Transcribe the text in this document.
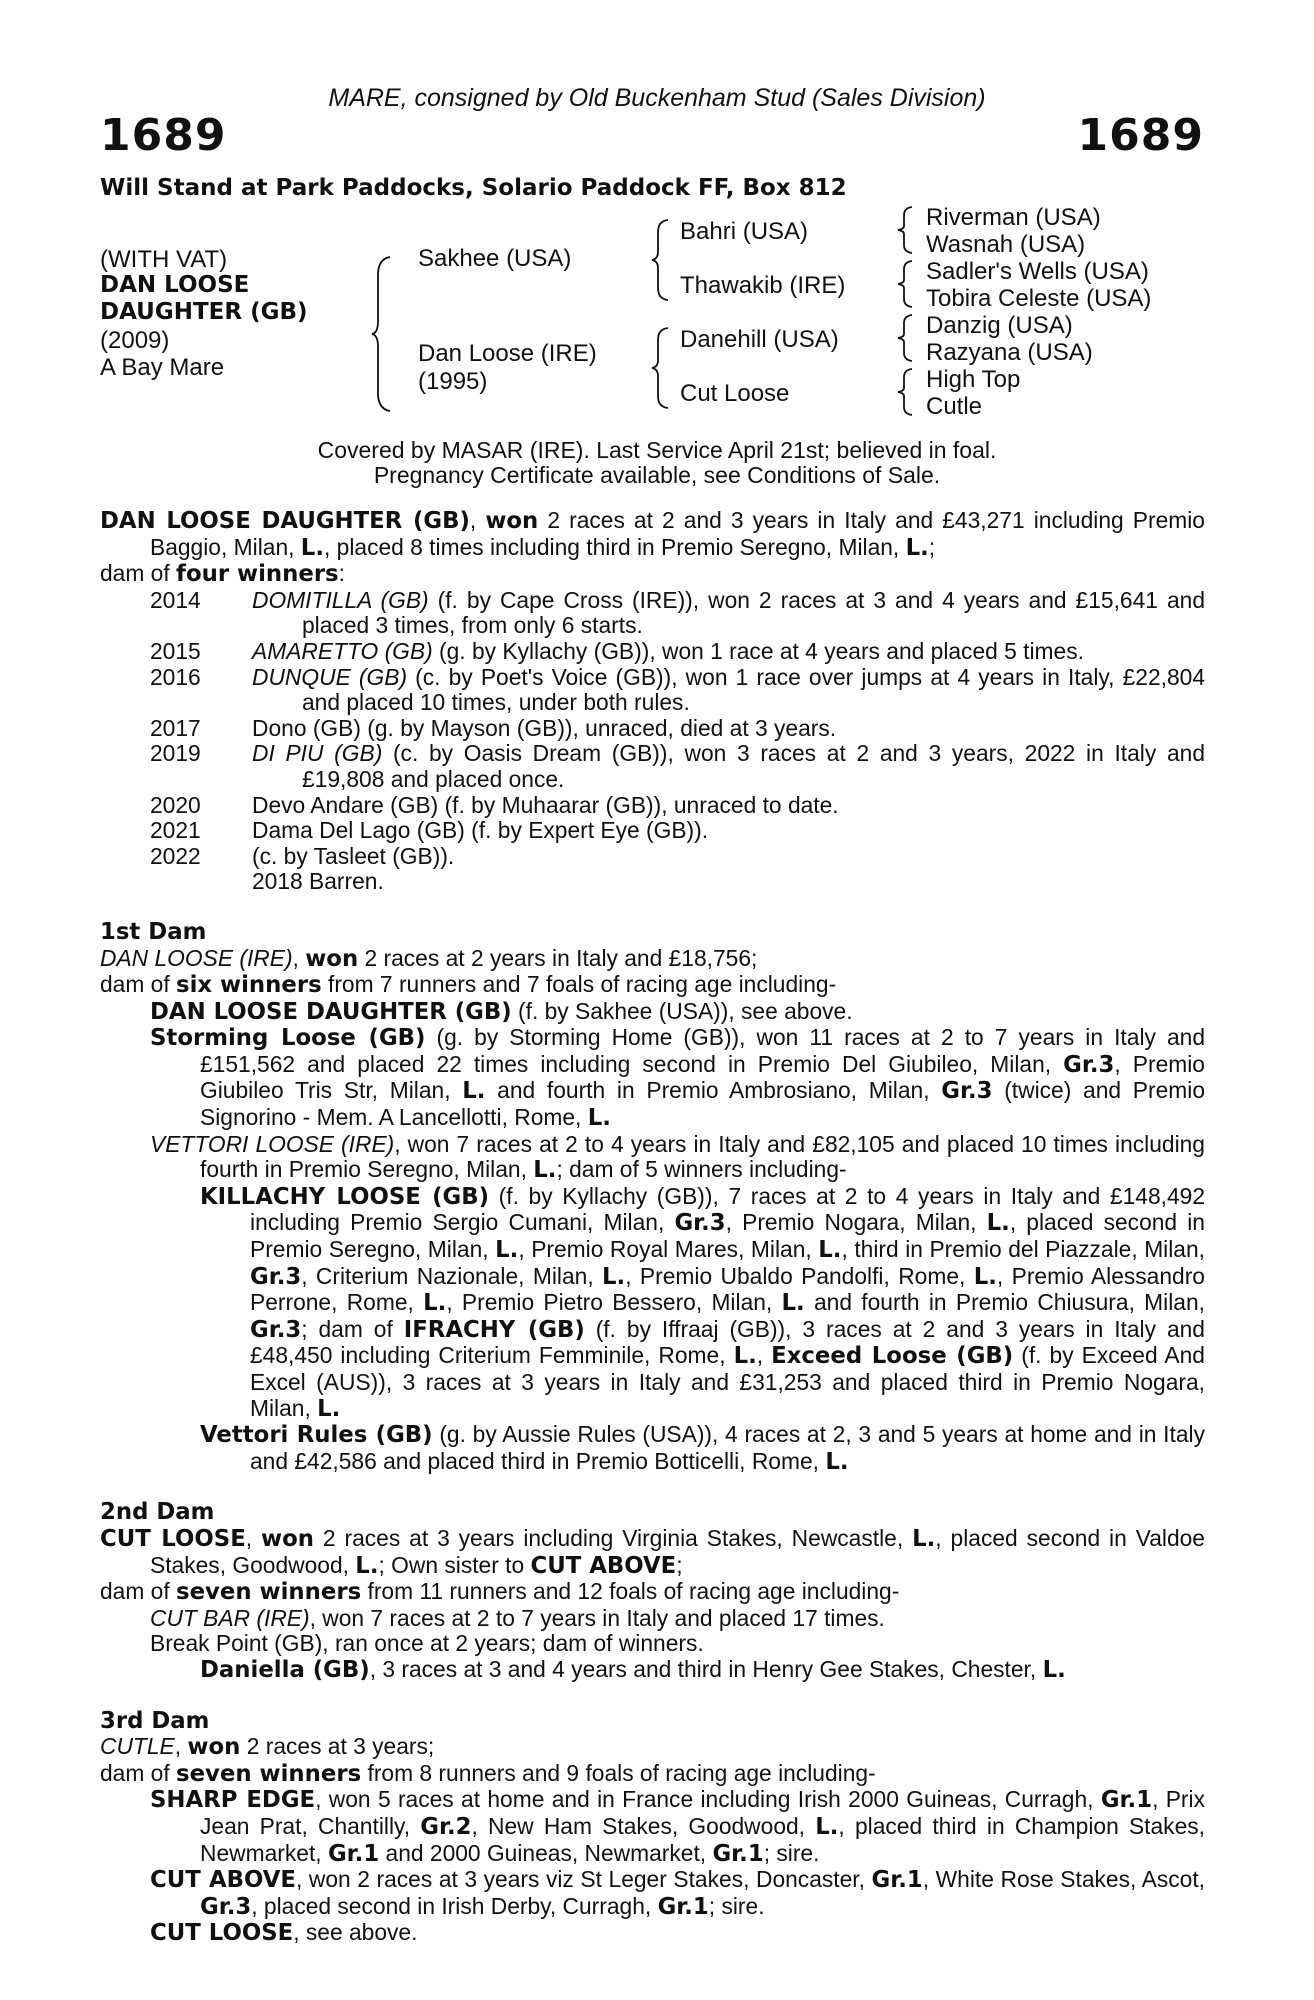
MARE, consigned by Old Buckenham Stud (Sales Division)
1689	1689
Will Stand at Park Paddocks, Solario Paddock FF, Box 812
(WITH VAT)
DAN LOOSE
DAUGHTER (GB)
(2009)
A Bay Mare
Sakhee (USA)
Dan Loose (IRE)
(1995)
Bahri (USA)
Thawakib (IRE)
Danehill (USA)
Cut Loose
Riverman (USA)
Wasnah (USA)
Sadler's Wells (USA)
Tobira Celeste (USA)
Danzig (USA)
Razyana (USA)
High Top
Cutle
Covered by MASAR (IRE). Last Service April 21st; believed in foal.
Pregnancy Certificate available, see Conditions of Sale.

DAN LOOSE DAUGHTER (GB), won 2 races at 2 and 3 years in Italy and £43,271 including Premio Baggio, Milan, L., placed 8 times including third in Premio Seregno, Milan, L.;

dam of four winners:

2014	DOMITILLA (GB) (f. by Cape Cross (IRE)), won 2 races at 3 and 4 years and £15,641 and placed 3 times, from only 6 starts.
2015	AMARETTO (GB) (g. by Kyllachy (GB)), won 1 race at 4 years and placed 5 times.
2016	DUNQUE (GB) (c. by Poet's Voice (GB)), won 1 race over jumps at 4 years in Italy, £22,804 and placed 10 times, under both rules.
2017	Dono (GB) (g. by Mayson (GB)), unraced, died at 3 years.
2019	DI PIU (GB) (c. by Oasis Dream (GB)), won 3 races at 2 and 3 years, 2022 in Italy and £19,808 and placed once.
2020	Devo Andare (GB) (f. by Muhaarar (GB)), unraced to date.
2021	Dama Del Lago (GB) (f. by Expert Eye (GB)).
2022	(c. by Tasleet (GB)).
2018 Barren.

1st Dam

DAN LOOSE (IRE), won 2 races at 2 years in Italy and £18,756;

dam of six winners from 7 runners and 7 foals of racing age including-

DAN LOOSE DAUGHTER (GB) (f. by Sakhee (USA)), see above.

Storming Loose (GB) (g. by Storming Home (GB)), won 11 races at 2 to 7 years in Italy and £151,562 and placed 22 times including second in Premio Del Giubileo, Milan, Gr.3, Premio Giubileo Tris Str, Milan, L. and fourth in Premio Ambrosiano, Milan, Gr.3 (twice) and Premio Signorino - Mem. A Lancellotti, Rome, L.

VETTORI LOOSE (IRE), won 7 races at 2 to 4 years in Italy and £82,105 and placed 10 times including fourth in Premio Seregno, Milan, L.; dam of 5 winners including-

KILLACHY LOOSE (GB) (f. by Kyllachy (GB)), 7 races at 2 to 4 years in Italy and £148,492 including Premio Sergio Cumani, Milan, Gr.3, Premio Nogara, Milan, L., placed second in Premio Seregno, Milan, L., Premio Royal Mares, Milan, L., third in Premio del Piazzale, Milan, Gr.3, Criterium Nazionale, Milan, L., Premio Ubaldo Pandolfi, Rome, L., Premio Alessandro Perrone, Rome, L., Premio Pietro Bessero, Milan, L. and fourth in Premio Chiusura, Milan, Gr.3; dam of IFRACHY (GB) (f. by Iffraaj (GB)), 3 races at 2 and 3 years in Italy and £48,450 including Criterium Femminile, Rome, L., Exceed Loose (GB) (f. by Exceed And Excel (AUS)), 3 races at 3 years in Italy and £31,253 and placed third in Premio Nogara, Milan, L.

Vettori Rules (GB) (g. by Aussie Rules (USA)), 4 races at 2, 3 and 5 years at home and in Italy and £42,586 and placed third in Premio Botticelli, Rome, L.

2nd Dam

CUT LOOSE, won 2 races at 3 years including Virginia Stakes, Newcastle, L., placed second in Valdoe Stakes, Goodwood, L.; Own sister to CUT ABOVE;

dam of seven winners from 11 runners and 12 foals of racing age including-

CUT BAR (IRE), won 7 races at 2 to 7 years in Italy and placed 17 times.

Break Point (GB), ran once at 2 years; dam of winners.

Daniella (GB), 3 races at 3 and 4 years and third in Henry Gee Stakes, Chester, L.

3rd Dam

CUTLE, won 2 races at 3 years;

dam of seven winners from 8 runners and 9 foals of racing age including-

SHARP EDGE, won 5 races at home and in France including Irish 2000 Guineas, Curragh, Gr.1, Prix Jean Prat, Chantilly, Gr.2, New Ham Stakes, Goodwood, L., placed third in Champion Stakes, Newmarket, Gr.1 and 2000 Guineas, Newmarket, Gr.1; sire.

CUT ABOVE, won 2 races at 3 years viz St Leger Stakes, Doncaster, Gr.1, White Rose Stakes, Ascot, Gr.3, placed second in Irish Derby, Curragh, Gr.1; sire.

CUT LOOSE, see above.
